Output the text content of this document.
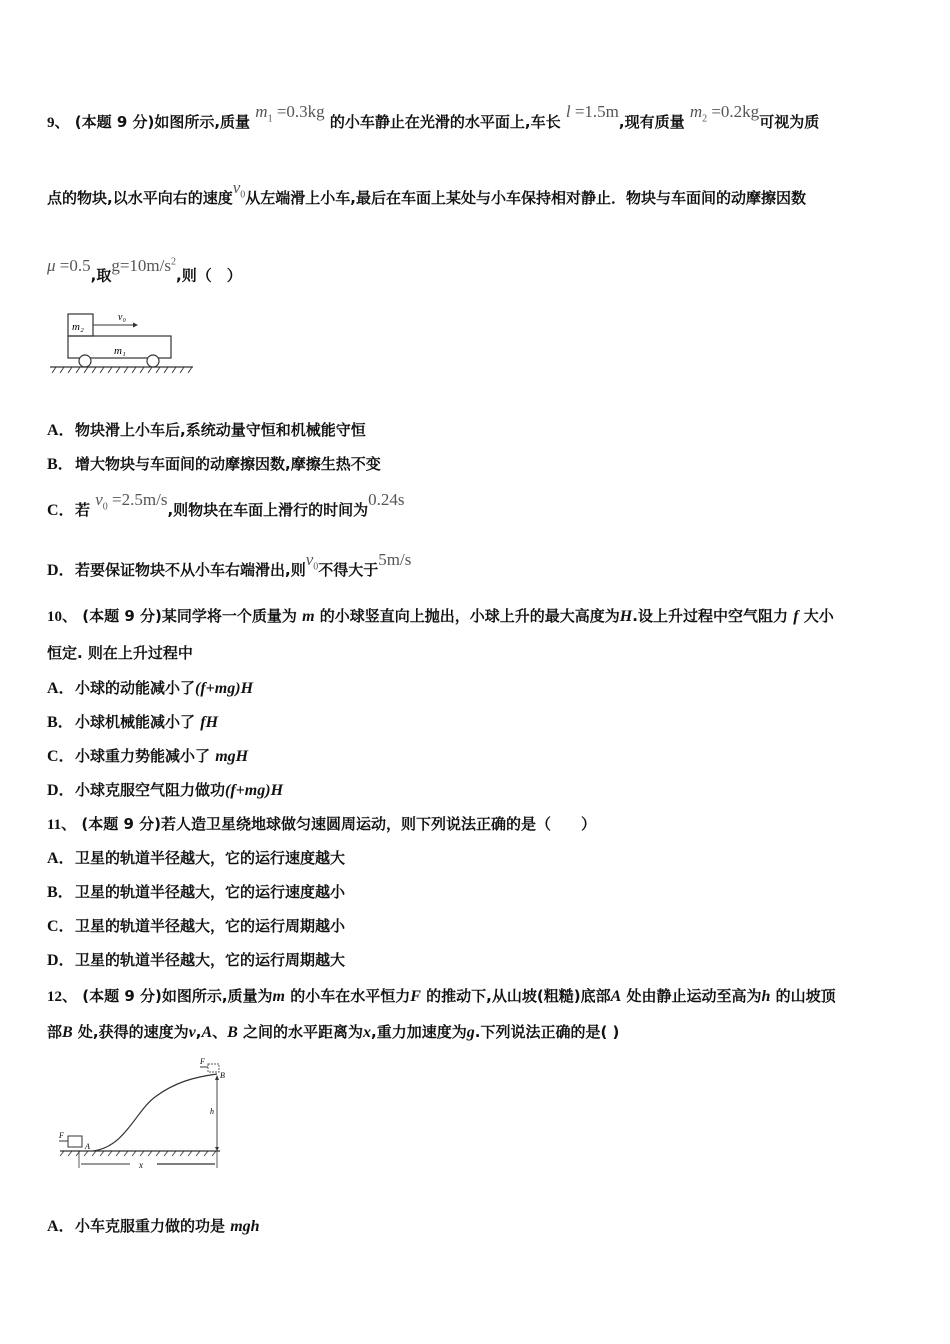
9、 (本题 9 分)如图所示,质量 $m_1 =0.3kg$ 的小车静止在光滑的水平面上,车长 l =1.5m,现有质量 $m_2 =0.2kg$可视为质
点的物块,以水平向右的速度$v_0$从左端滑上小车,最后在车面上某处与小车保持相对静止．物块与车面间的动摩擦因数
μ =0.5,取$g=10m/s^2$,则（　）
m₂
v₀
m₁
A．物块滑上小车后,系统动量守恒和机械能守恒
B．增大物块与车面间的动摩擦因数,摩擦生热不变
C．若 $v_0 =2.5m/s$,则物块在车面上滑行的时间为0.24s
D．若要保证物块不从小车右端滑出,则$v_0$不得大于5m/s
10、 (本题 9 分)某同学将一个质量为 m 的小球竖直向上抛出，小球上升的最大高度为H.设上升过程中空气阻力 f 大小
恒定. 则在上升过程中
A．小球的动能减小了(f+mg)H
B．小球机械能减小了 fH
C．小球重力势能减小了 mgH
D．小球克服空气阻力做功(f+mg)H
11、 (本题 9 分)若人造卫星绕地球做匀速圆周运动，则下列说法正确的是（　　）
A．卫星的轨道半径越大，它的运行速度越大
B．卫星的轨道半径越大，它的运行速度越小
C．卫星的轨道半径越大，它的运行周期越小
D．卫星的轨道半径越大，它的运行周期越大
12、 (本题 9 分)如图所示,质量为m 的小车在水平恒力F 的推动下,从山坡(粗糙)底部A 处由静止运动至高为h 的山坡顶
部B 处,获得的速度为v,A、B 之间的水平距离为x,重力加速度为g.下列说法正确的是( )
F
A
F
B
h
x
A．小车克服重力做的功是 mgh
